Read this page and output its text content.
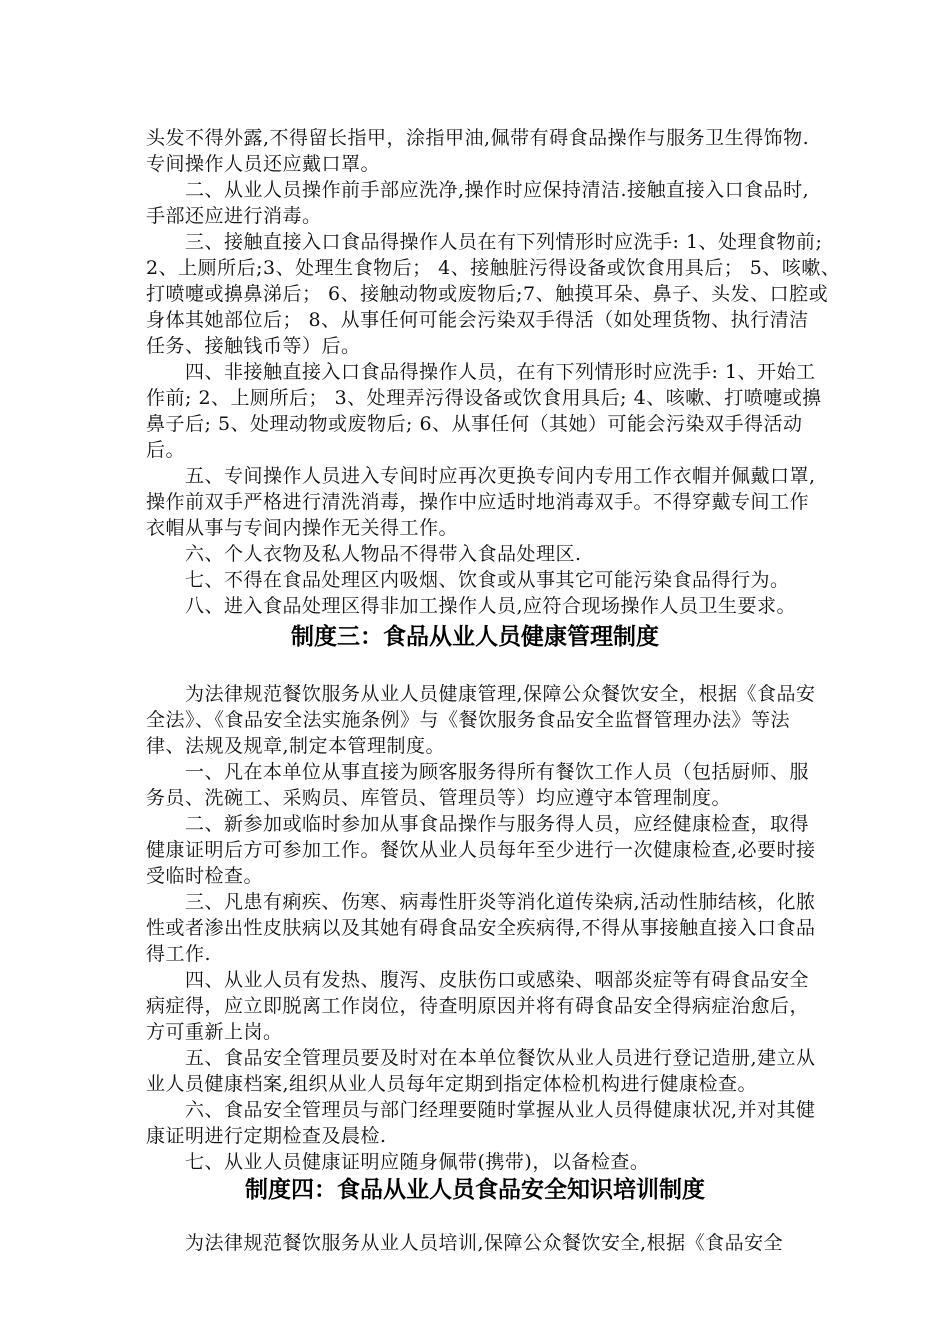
头发不得外露,不得留长指甲，涂指甲油,佩带有碍食品操作与服务卫生得饰物.
专间操作人员还应戴口罩。
二、从业人员操作前手部应洗净,操作时应保持清洁.接触直接入口食品时,
手部还应进行消毒。
三、接触直接入口食品得操作人员在有下列情形时应洗手: 1、处理食物前;
2、上厕所后;3、处理生食物后； 4、接触脏污得设备或饮食用具后； 5、咳嗽、
打喷嚏或擤鼻涕后； 6、接触动物或废物后;7、触摸耳朵、鼻子、头发、口腔或
身体其她部位后； 8、从事任何可能会污染双手得活（如处理货物、执行清洁
任务、接触钱币等）后。
四、非接触直接入口食品得操作人员，在有下列情形时应洗手: 1、开始工
作前; 2、上厕所后； 3、处理弄污得设备或饮食用具后; 4、咳嗽、打喷嚏或擤
鼻子后; 5、处理动物或废物后; 6、从事任何（其她）可能会污染双手得活动
后。
五、专间操作人员进入专间时应再次更换专间内专用工作衣帽并佩戴口罩,
操作前双手严格进行清洗消毒，操作中应适时地消毒双手。不得穿戴专间工作
衣帽从事与专间内操作无关得工作。
六、个人衣物及私人物品不得带入食品处理区.
七、不得在食品处理区内吸烟、饮食或从事其它可能污染食品得行为。
八、进入食品处理区得非加工操作人员,应符合现场操作人员卫生要求。
制度三：食品从业人员健康管理制度
为法律规范餐饮服务从业人员健康管理,保障公众餐饮安全，根据《食品安
全法》、《食品安全法实施条例》与《餐饮服务食品安全监督管理办法》等法
律、法规及规章,制定本管理制度。
一、凡在本单位从事直接为顾客服务得所有餐饮工作人员（包括厨师、服
务员、洗碗工、采购员、库管员、管理员等）均应遵守本管理制度。
二、新参加或临时参加从事食品操作与服务得人员，应经健康检查，取得
健康证明后方可参加工作。餐饮从业人员每年至少进行一次健康检查,必要时接
受临时检查。
三、凡患有痢疾、伤寒、病毒性肝炎等消化道传染病,活动性肺结核，化脓
性或者渗出性皮肤病以及其她有碍食品安全疾病得,不得从事接触直接入口食品
得工作.
四、从业人员有发热、腹泻、皮肤伤口或感染、咽部炎症等有碍食品安全
病症得，应立即脱离工作岗位，待查明原因并将有碍食品安全得病症治愈后，
方可重新上岗。
五、食品安全管理员要及时对在本单位餐饮从业人员进行登记造册,建立从
业人员健康档案,组织从业人员每年定期到指定体检机构进行健康检查。
六、食品安全管理员与部门经理要随时掌握从业人员得健康状况,并对其健
康证明进行定期检查及晨检.
七、从业人员健康证明应随身佩带(携带)，以备检查。
制度四：食品从业人员食品安全知识培训制度
为法律规范餐饮服务从业人员培训,保障公众餐饮安全,根据《食品安全
